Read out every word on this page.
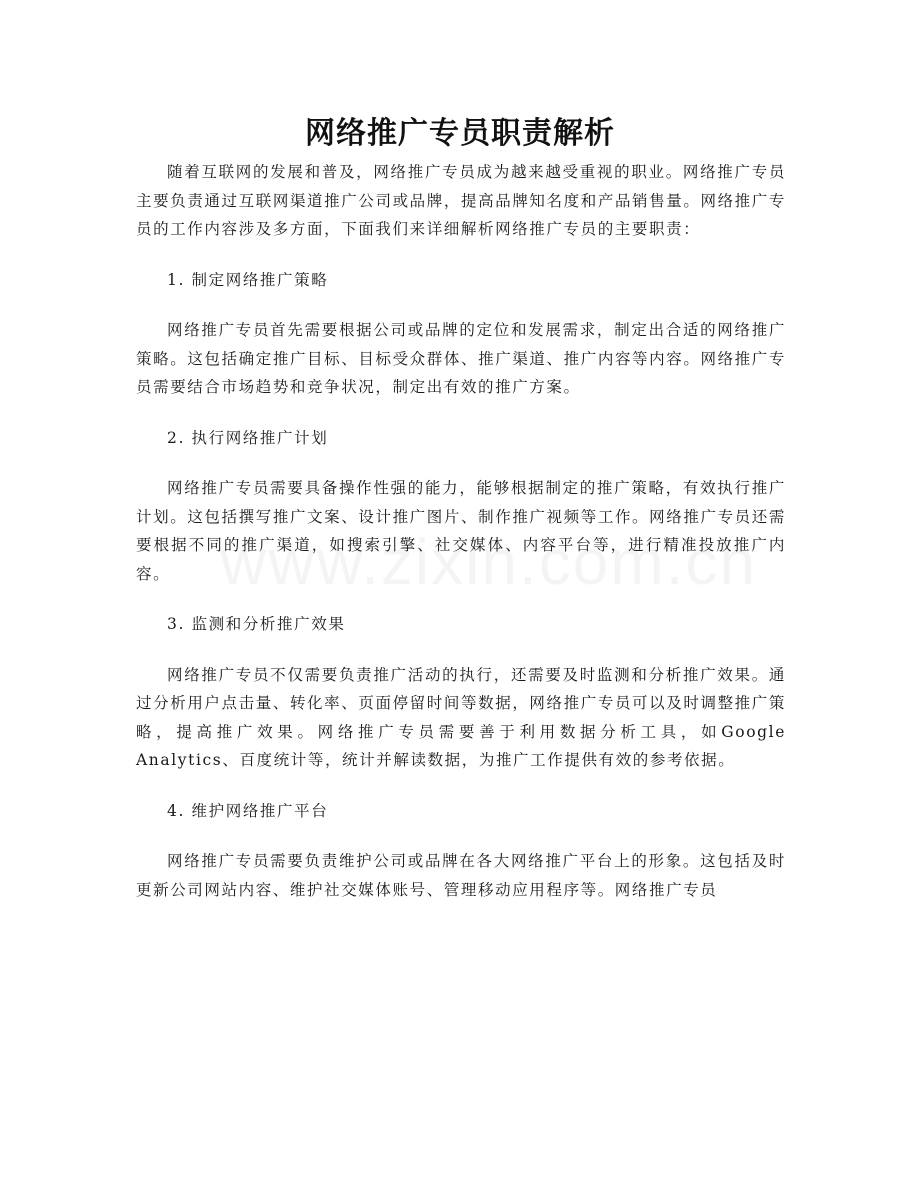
网络推广专员职责解析

随着互联网的发展和普及，网络推广专员成为越来越受重视的职业。网络推广专员主要负责通过互联网渠道推广公司或品牌，提高品牌知名度和产品销售量。网络推广专员的工作内容涉及多方面，下面我们来详细解析网络推广专员的主要职责：

1. 制定网络推广策略

网络推广专员首先需要根据公司或品牌的定位和发展需求，制定出合适的网络推广策略。这包括确定推广目标、目标受众群体、推广渠道、推广内容等内容。网络推广专员需要结合市场趋势和竞争状况，制定出有效的推广方案。

2. 执行网络推广计划

网络推广专员需要具备操作性强的能力，能够根据制定的推广策略，有效执行推广计划。这包括撰写推广文案、设计推广图片、制作推广视频等工作。网络推广专员还需要根据不同的推广渠道，如搜索引擎、社交媒体、内容平台等，进行精准投放推广内容。

3. 监测和分析推广效果

网络推广专员不仅需要负责推广活动的执行，还需要及时监测和分析推广效果。通过分析用户点击量、转化率、页面停留时间等数据，网络推广专员可以及时调整推广策略，提高推广效果。网络推广专员需要善于利用数据分析工具，如Google Analytics、百度统计等，统计并解读数据，为推广工作提供有效的参考依据。

4. 维护网络推广平台

网络推广专员需要负责维护公司或品牌在各大网络推广平台上的形象。这包括及时更新公司网站内容、维护社交媒体账号、管理移动应用程序等。网络推广专员
